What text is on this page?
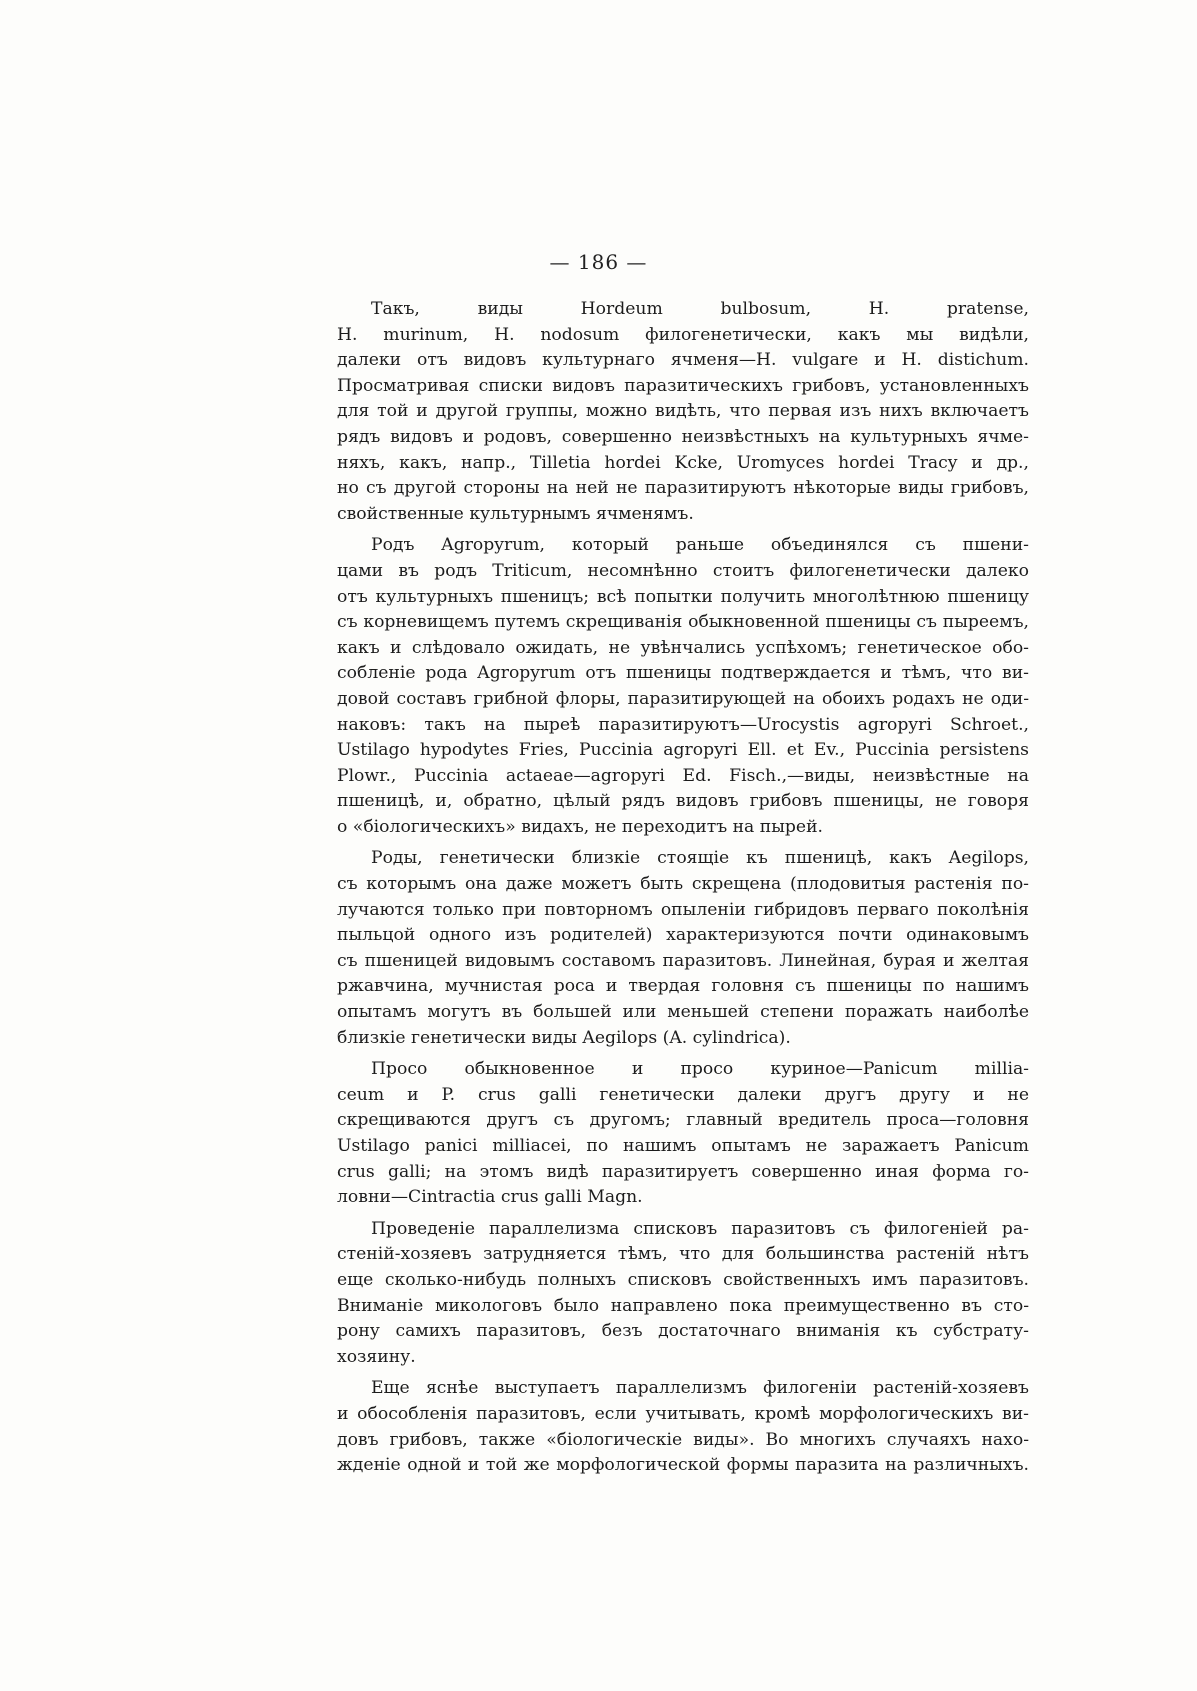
— 186 —
Такъ, виды Hordeum bulbosum, H. pratense,
H. murinum, H. nodosum филогенетически, какъ мы видѣли,
далеки отъ видовъ культурнаго ячменя—H. vulgare и H. distichum.
Просматривая списки видовъ паразитическихъ грибовъ, установленныхъ
для той и другой группы, можно видѣть, что первая изъ нихъ включаетъ
рядъ видовъ и родовъ, совершенно неизвѣстныхъ на культурныхъ ячме-
няхъ, какъ, напр., Tilletia hordei Kcke, Uromyces hordei Tracy и др.,
но съ другой стороны на ней не паразитируютъ нѣкоторые виды грибовъ,
свойственные культурнымъ ячменямъ.
Родъ Agropyrum, который раньше объединялся съ пшени-
цами въ родъ Triticum, несомнѣнно стоитъ филогенетически далеко
отъ культурныхъ пшеницъ; всѣ попытки получить многолѣтнюю пшеницу
съ корневищемъ путемъ скрещиванія обыкновенной пшеницы съ пыреемъ,
какъ и слѣдовало ожидать, не увѣнчались успѣхомъ; генетическое обо-
собленіе рода Agropyrum отъ пшеницы подтверждается и тѣмъ, что ви-
довой составъ грибной флоры, паразитирующей на обоихъ родахъ не оди-
наковъ: такъ на пыреѣ паразитируютъ—Urocystis agropyri Schroet.,
Ustilago hypodytes Fries, Puccinia agropyri Ell. et Ev., Puccinia persistens
Plowr., Puccinia actaeae—agropyri Ed. Fisch.,—виды, неизвѣстные на
пшеницѣ, и, обратно, цѣлый рядъ видовъ грибовъ пшеницы, не говоря
о «біологическихъ» видахъ, не переходитъ на пырей.
Роды, генетически близкіе стоящіе къ пшеницѣ, какъ Aegilops,
съ которымъ она даже можетъ быть скрещена (плодовитыя растенія по-
лучаются только при повторномъ опыленіи гибридовъ перваго поколѣнія
пыльцой одного изъ родителей) характеризуются почти одинаковымъ
съ пшеницей видовымъ составомъ паразитовъ. Линейная, бурая и желтая
ржавчина, мучнистая роса и твердая головня съ пшеницы по нашимъ
опытамъ могутъ въ большей или меньшей степени поражать наиболѣе
близкіе генетически виды Aegilops (A. cylindrica).
Просо обыкновенное и просо куриное—Panicum millia-
ceum и P. crus galli генетически далеки другъ другу и не
скрещиваются другъ съ другомъ; главный вредитель проса—головня
Ustilago panici milliacei, по нашимъ опытамъ не заражаетъ Panicum
crus galli; на этомъ видѣ паразитируетъ совершенно иная форма го-
ловни—Cintractia crus galli Magn.
Проведеніе параллелизма списковъ паразитовъ съ филогеніей ра-
стеній-хозяевъ затрудняется тѣмъ, что для большинства растеній нѣтъ
еще сколько-нибудь полныхъ списковъ свойственныхъ имъ паразитовъ.
Вниманіе микологовъ было направлено пока преимущественно въ сто-
рону самихъ паразитовъ, безъ достаточнаго вниманія къ субстрату-
хозяину.
Еще яснѣе выступаетъ параллелизмъ филогеніи растеній-хозяевъ
и обособленія паразитовъ, если учитывать, кромѣ морфологическихъ ви-
довъ грибовъ, также «біологическіе виды». Во многихъ случаяхъ нахо-
жденіе одной и той же морфологической формы паразита на различныхъ.
